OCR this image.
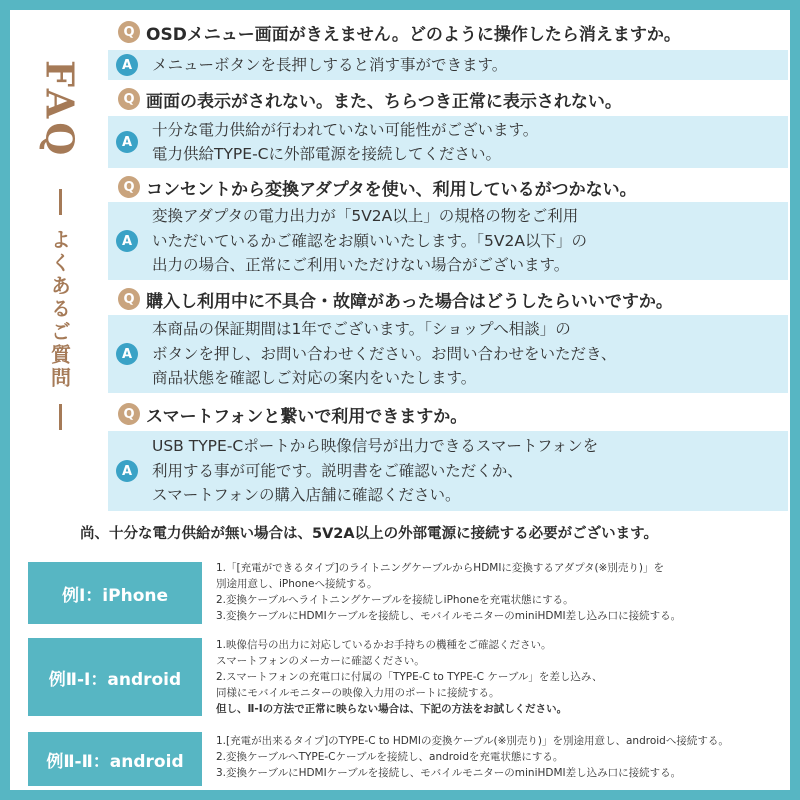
FAQ
よくあるご質問
Q OSDメニュー画面がきえません。どのように操作したら消えますか。
A	メニューボタンを長押しすると消す事ができます。
Q 画面の表示がされない。また、ちらつき正常に表示されない。
A
十分な電力供給が行われていない可能性がございます。
電力供給TYPE-Cに外部電源を接続してください。
Q コンセントから変換アダプタを使い、利用しているがつかない。
A
変換アダプタの電力出力が「5V2A以上」の規格の物をご利用
いただいているかご確認をお願いいたします。「5V2A以下」の
出力の場合、正常にご利用いただけない場合がございます。
Q 購入し利用中に不具合・故障があった場合はどうしたらいいですか。
A
本商品の保証期間は1年でございます。「ショップへ相談」の
ボタンを押し、お問い合わせください。お問い合わせをいただき、
商品状態を確認しご対応の案内をいたします。
Q スマートフォンと繋いで利用できますか。
A
USB TYPE-Cポートから映像信号が出力できるスマートフォンを
利用する事が可能です。説明書をご確認いただくか、
スマートフォンの購入店舗に確認ください。
尚、十分な電力供給が無い場合は、5V2A以上の外部電源に接続する必要がございます。
例Ⅰ：iPhone
1.「[充電ができるタイプ]のライトニングケーブルからHDMIに変換するアダプタ(※別売り)」を
別途用意し、iPhoneへ接続する。
2.変換ケーブルへライトニングケーブルを接続しiPhoneを充電状態にする。
3.変換ケーブルにHDMIケーブルを接続し、モバイルモニターのminiHDMI差し込み口に接続する。
例Ⅱ-Ⅰ：android
1.映像信号の出力に対応しているかお手持ちの機種をご確認ください。
スマートフォンのメーカーに確認ください。
2.スマートフォンの充電口に付属の「TYPE-C to TYPE-C ケーブル」を差し込み、
同様にモバイルモニターの映像入力用のポートに接続する。
但し、Ⅱ-Ⅰの方法で正常に映らない場合は、下記の方法をお試しください。
例Ⅱ-Ⅱ：android
1.[充電が出来るタイプ]のTYPE-C to HDMIの変換ケーブル(※別売り)」を別途用意し、androidへ接続する。
2.変換ケーブルへTYPE-Cケーブルを接続し、androidを充電状態にする。
3.変換ケーブルにHDMIケーブルを接続し、モバイルモニターのminiHDMI差し込み口に接続する。
